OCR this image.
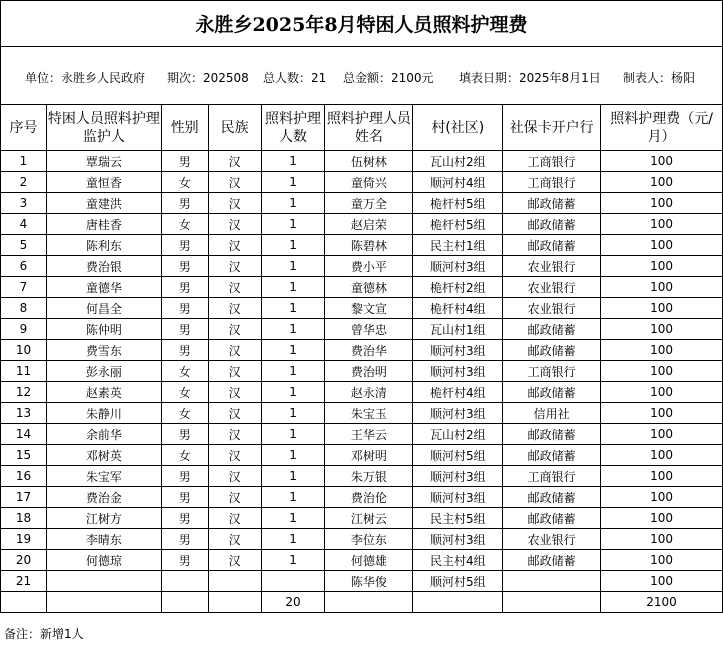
永胜乡2025年8月特困人员照料护理费
单位：永胜乡人民政府 期次：202508 总人数：21 总金额：2100元 填表日期：2025年8月1日 制表人：杨阳
序号	特困人员照料护理监护人	性别	民族	照料护理人数	照料护理人员姓名	村(社区)	社保卡开户行	照料护理费（元/月）
1	覃瑞云	男	汉	1	伍树林	瓦山村2组	工商银行	100
2	童恒香	女	汉	1	童倚兴	顺河村4组	工商银行	100
3	童建洪	男	汉	1	童万全	桅杆村5组	邮政储蓄	100
4	唐桂香	女	汉	1	赵启荣	桅杆村5组	邮政储蓄	100
5	陈利东	男	汉	1	陈碧林	民主村1组	邮政储蓄	100
6	费治银	男	汉	1	费小平	顺河村3组	农业银行	100
7	童德华	男	汉	1	童德林	桅杆村2组	农业银行	100
8	何昌全	男	汉	1	黎文宣	桅杆村4组	农业银行	100
9	陈仲明	男	汉	1	曾华忠	瓦山村1组	邮政储蓄	100
10	费雪东	男	汉	1	费治华	顺河村3组	邮政储蓄	100
11	彭永丽	女	汉	1	费治明	顺河村3组	工商银行	100
12	赵素英	女	汉	1	赵永清	桅杆村4组	邮政储蓄	100
13	朱静川	女	汉	1	朱宝玉	顺河村3组	信用社	100
14	余前华	男	汉	1	王华云	瓦山村2组	邮政储蓄	100
15	邓树英	女	汉	1	邓树明	顺河村5组	邮政储蓄	100
16	朱宝军	男	汉	1	朱万银	顺河村3组	工商银行	100
17	费治金	男	汉	1	费治伦	顺河村3组	邮政储蓄	100
18	江树方	男	汉	1	江树云	民主村5组	邮政储蓄	100
19	李晴东	男	汉	1	李位东	顺河村3组	农业银行	100
20	何德琼	男	汉	1	何德雄	民主村4组	邮政储蓄	100
21					陈华俊	顺河村5组		100
				20				2100
备注：新增1人
